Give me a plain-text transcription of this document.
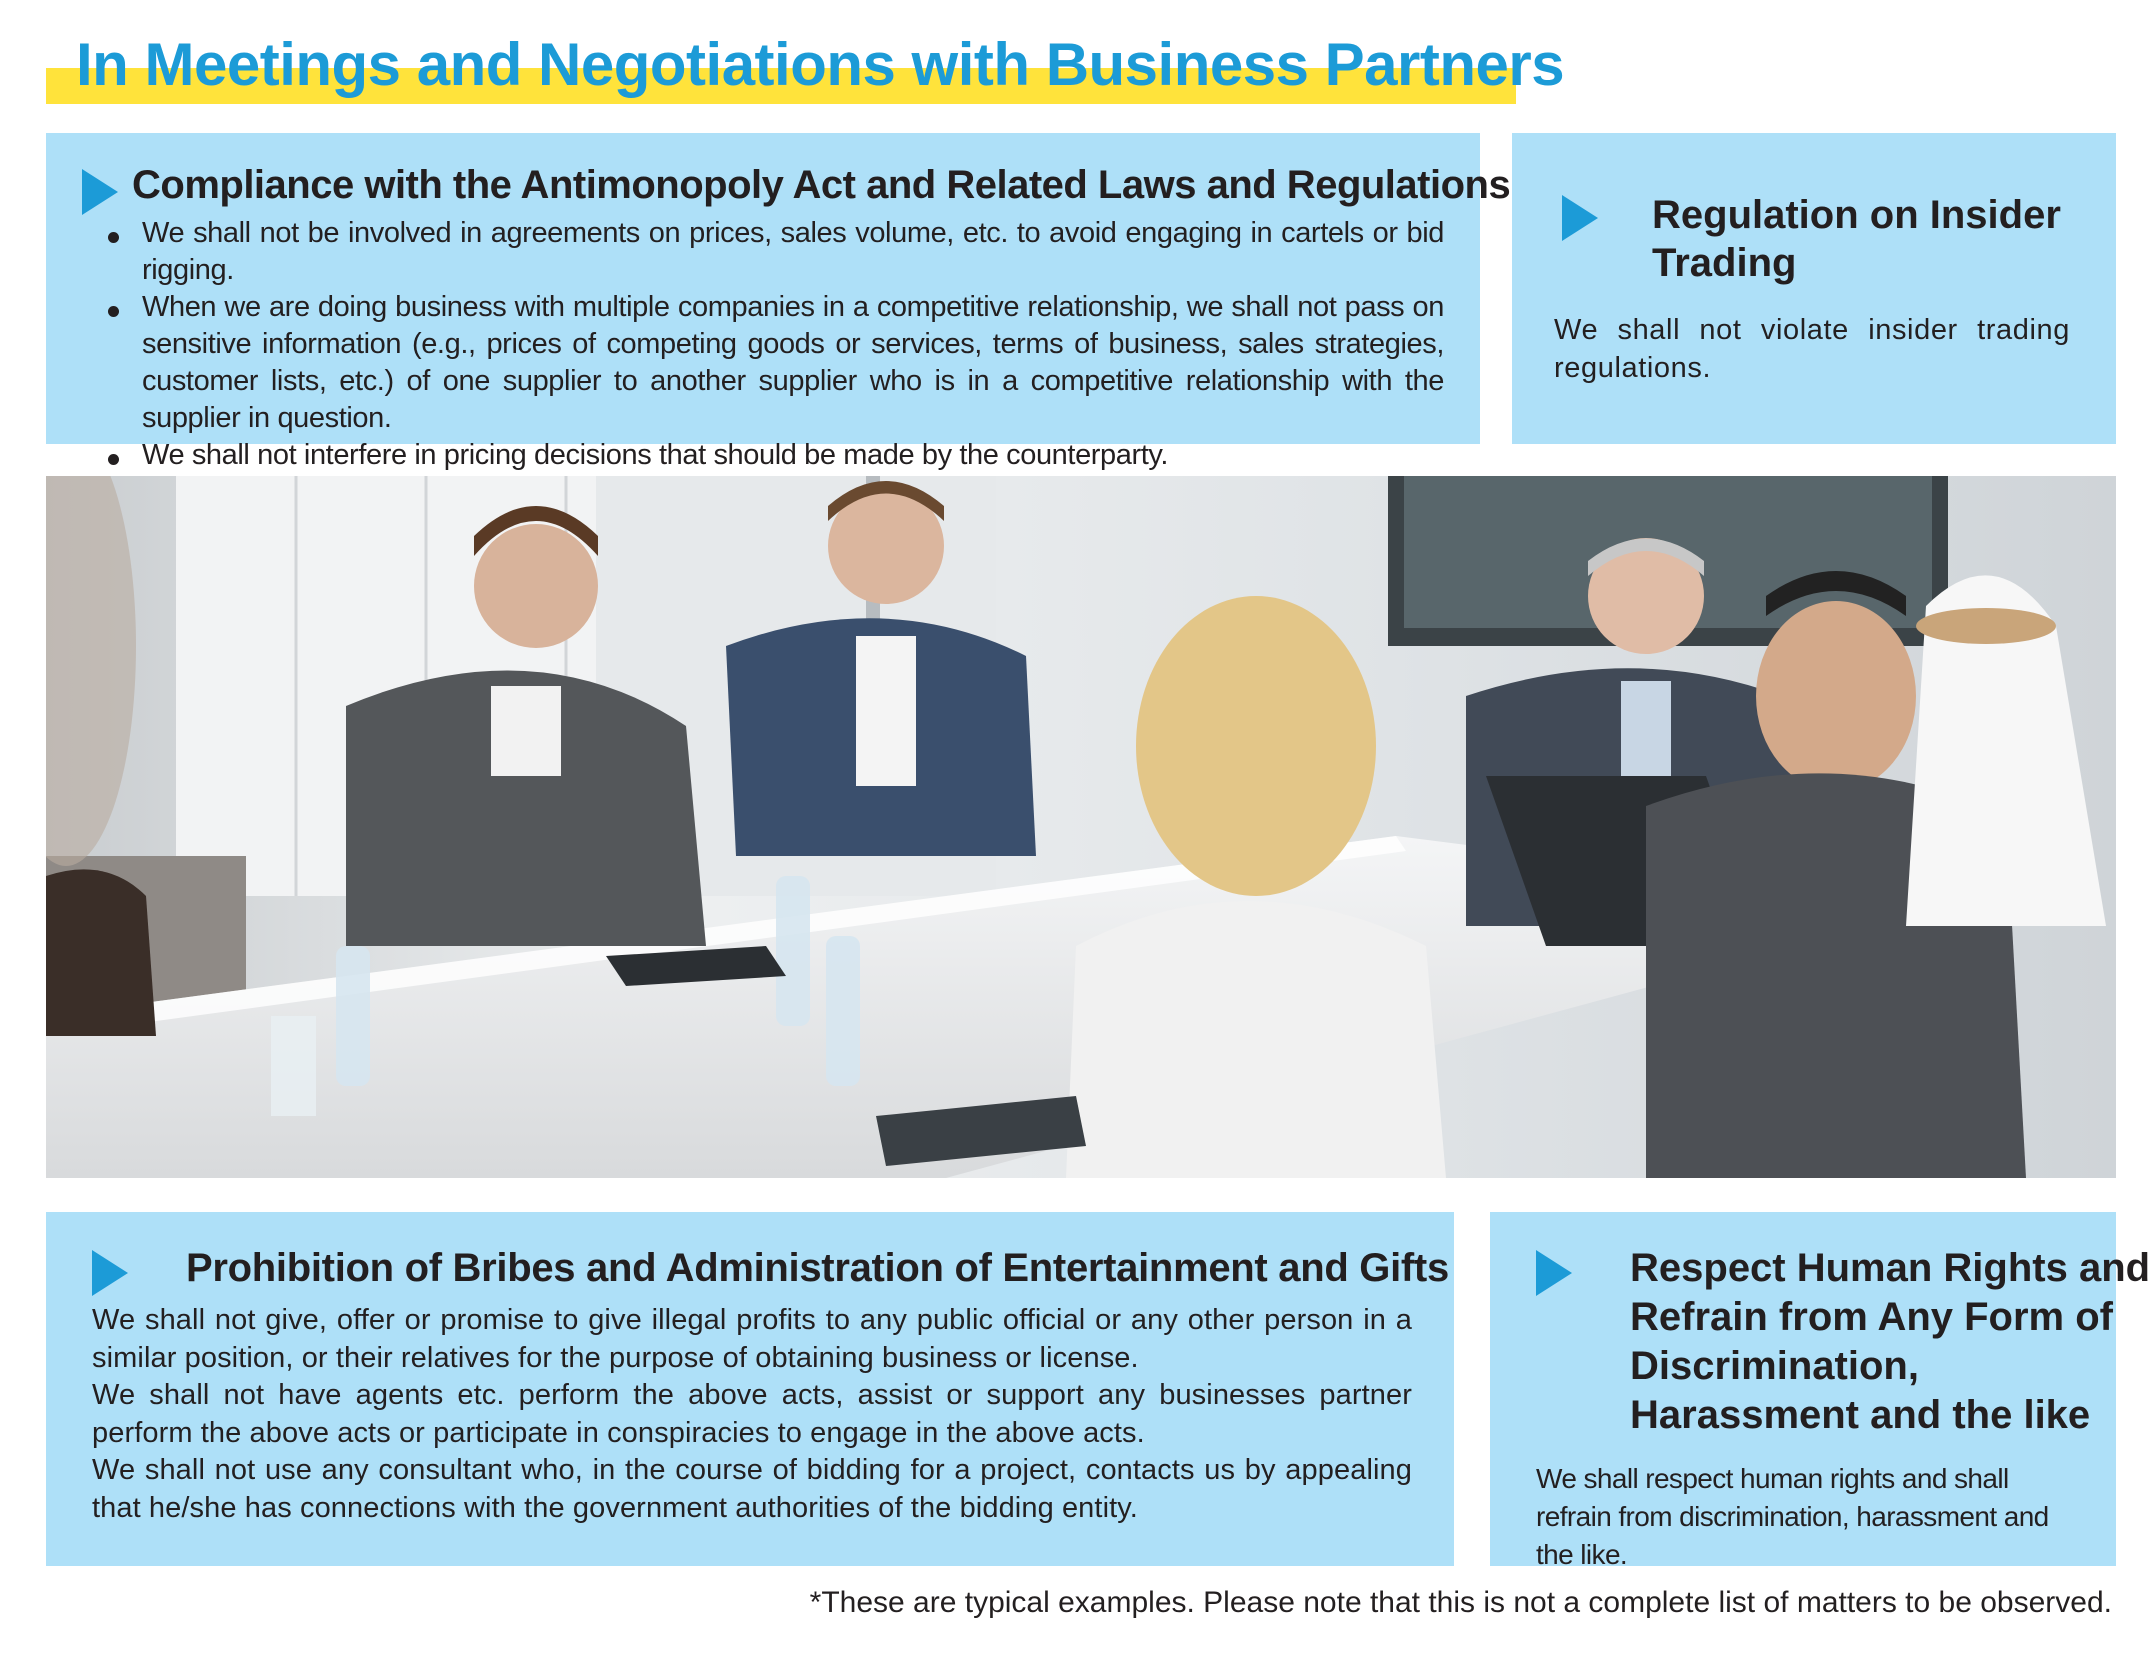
In Meetings and Negotiations with Business Partners
Compliance with the Antimonopoly Act and Related Laws and Regulations
We shall not be involved in agreements on prices, sales volume, etc. to avoid engaging in cartels or bid rigging.
When we are doing business with multiple companies in a competitive relationship, we shall not pass on sensitive information (e.g., prices of competing goods or services, terms of business, sales strategies, customer lists, etc.) of one supplier to another supplier who is in a competitive relationship with the supplier in question.
We shall not interfere in pricing decisions that should be made by the counterparty.
Regulation on Insider
Trading

We shall not violate insider trading regulations.

Prohibition of Bribes and Administration of Entertainment and Gifts

We shall not give, offer or promise to give illegal profits to any public official or any other person in a similar position, or their relatives for the purpose of obtaining business or license.

We shall not have agents etc. perform the above acts, assist or support any businesses partner perform the above acts or participate in conspiracies to engage in the above acts.

We shall not use any consultant who, in the course of bidding for a project, contacts us by appealing that he/she has connections with the government authorities of the bidding entity.

Respect Human Rights and
Refrain from Any Form of
Discrimination,
Harassment and the like

We shall respect human rights and shall refrain from discrimination, harassment and the like.

*These are typical examples. Please note that this is not a complete list of matters to be observed.
